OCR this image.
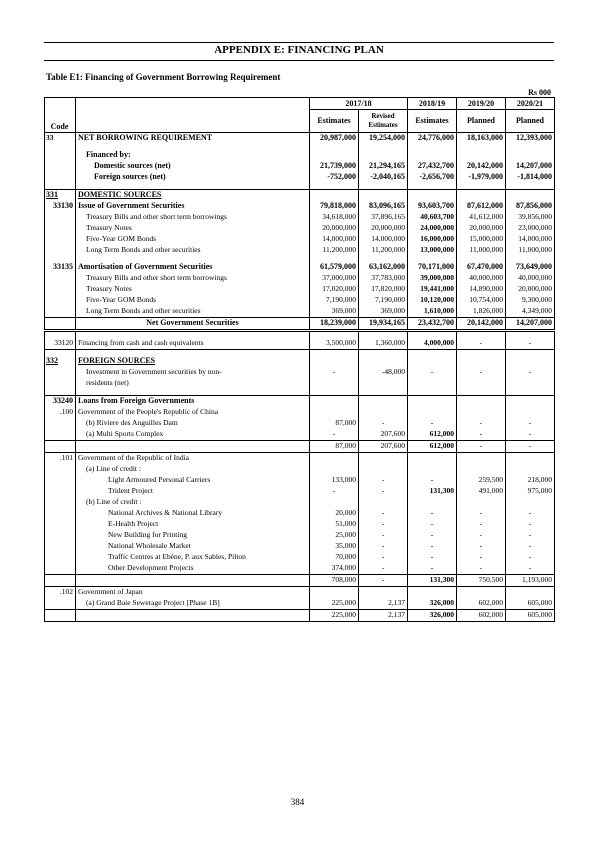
APPENDIX E: FINANCING PLAN
Table E1: Financing of Government Borrowing Requirement
Rs 000
		2017/18		2018/19	2019/20	2020/21
Code		Estimates	Revised Estimates	Estimates	Planned	Planned
33	NET BORROWING REQUIREMENT	20,987,000	19,254,000	24,776,000	18,163,000	12,393,000

	Financed by:					
	Domestic sources (net)	21,739,000	21,294,165	27,432,700	20,142,000	14,207,000
	Foreign sources (net)	-752,000	-2,040,165	-2,656,700	-1,979,000	-1,814,000

331	DOMESTIC SOURCES					
33130	Issue of Government Securities	79,818,000	83,096,165	93,603,700	87,612,000	87,856,000
	Treasury Bills and other short term borrowings	34,618,000	37,896,165	40,603,700	41,612,000	39,856,000
	Treasury Notes	20,000,000	20,000,000	24,000,000	20,000,000	23,000,000
	Five-Year GOM Bonds	14,000,000	14,000,000	16,000,000	15,000,000	14,000,000
	Long Term Bonds and other securities	11,200,000	11,200,000	13,000,000	11,000,000	11,000,000

33135	Amortisation of Government Securities	61,579,000	63,162,000	70,171,000	67,470,000	73,649,000
	Treasury Bills and other short term borrowings	37,000,000	37,783,000	39,000,000	40,000,000	40,000,000
	Treasury Notes	17,020,000	17,820,000	19,441,000	14,890,000	20,000,000
	Five-Year GOM Bonds	7,190,000	7,190,000	10,120,000	10,754,000	9,300,000
	Long Term Bonds and other securities	369,000	369,000	1,610,000	1,826,000	4,349,000
	Net Government Securities	18,239,000	19,934,165	23,432,700	20,142,000	14,207,000

33120	Financing from cash and cash equivalents	3,500,000	1,360,000	4,000,000	-	-

332	FOREIGN SOURCES					
	Investment in Government securities by non-	-	-48,000	-	-	-
	residents (net)					

33240	Loans from Foreign Governments					
.100	Government of the People's Republic of China					
	(b) Riviere des Anguilles Dam	87,000	-	-	-	-
	(a) Multi Sports Complex	-	207,600	612,000	-	-
		87,000	207,600	612,000	-	-
.101	Government of the Republic of India					
	(a) Line of credit :					
	Light Armoured Personal Carriers	133,000	-	-	259,500	218,000
	Trident Project	-	-	131,300	491,000	975,000
	(b) Line of credit :					
	National Archives & National Library	20,000	-	-	-	-
	E-Health Project	51,000	-	-	-	-
	New Building for Printing	25,000	-	-	-	-
	National Wholesale Market	35,000	-	-	-	-
	Traffic Centres at Ebène, P. aux Sables, Pilton	70,000	-	-	-	-
	Other Development Projects	374,000	-	-	-	-
		708,000	-	131,300	750,500	1,193,000
.102	Government of Japan					
	(a) Grand Baie Sewerage Project [Phase 1B]	225,000	2,137	326,000	602,000	605,000
		225,000	2,137	326,000	602,000	605,000
384
